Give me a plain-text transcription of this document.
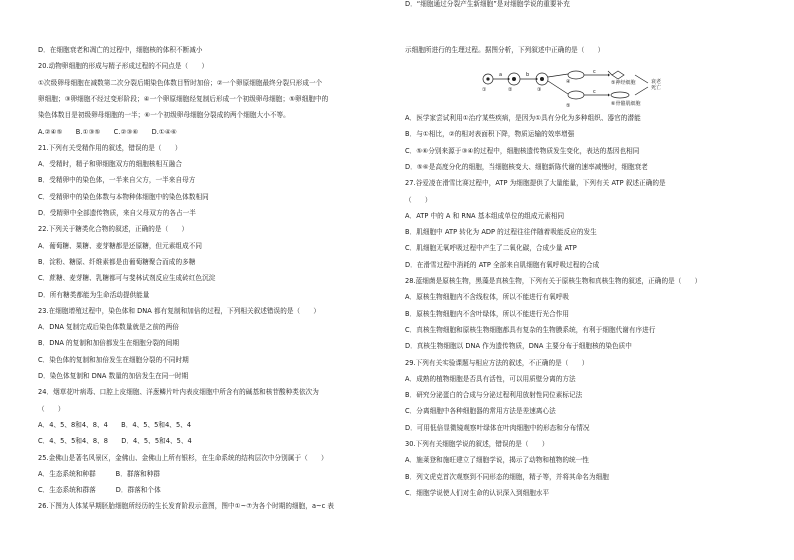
D．在细胞衰老和凋亡的过程中，细胞核的体积不断减小
20.动物卵细胞的形成与精子形成过程的不同点是（　　）
①次级卵母细胞在减数第二次分裂后期染色体数目暂时加倍；②一个卵原细胞最终分裂只形成一个
卵细胞；③卵细胞不经过变形阶段；④一个卵原细胞经复制后形成一个初级卵母细胞；⑤卵细胞中的
染色体数目是初级卵母细胞的一半；⑥一个初级卵母细胞分裂成的两个细胞大小不等。
A.②④⑤　　B.①③⑤　　C.②③⑥　　D.①④⑥
21.下列有关受精作用的叙述，错误的是（　　）
A．受精时，精子和卵细胞双方的细胞核相互融合
B．受精卵中的染色体，一半来自父方，一半来自母方
C．受精卵中的染色体数与本物种体细胞中的染色体数相同
D．受精卵中全部遗传物质，来自父母双方的各占一半
22.下列关于糖类化合物的叙述，正确的是（　　）
A．葡萄糖、果糖、麦芽糖都是还原糖，但元素组成不同
B．淀粉、糖原、纤维素都是由葡萄糖聚合而成的多糖
C．蔗糖、麦芽糖、乳糖都可与斐林试剂反应生成砖红色沉淀
D．所有糖类都能为生命活动提供能量
23.在细胞增殖过程中，染色体和 DNA 都有复制和加倍的过程，下列相关叙述错误的是（　　）
A．DNA 复制完成后染色体数量就是之前的两倍
B．DNA 的复制和加倍都发生在细胞分裂的间期
C．染色体的复制和加倍发生在细胞分裂的不同时期
D．染色体复制和 DNA 数量的加倍发生在同一时期
24．烟草花叶病毒、口腔上皮细胞、洋葱鳞片叶内表皮细胞中所含有的碱基和核苷酸种类依次为
（　　）
A．4、5、8和4、8、4　　B．4、5、5和4、5、4
C．4、5、5和4、8、8　　D．4、5、5和4、5、4
25.金佛山是著名风景区，金佛山、金佛山上所有银杉，在生命系统的结构层次中分别属于（　　）
A．生态系统和种群　　　B．群落和种群
C．生态系统和群落　　　D．群落和个体
26.下图为人体某早期胚胎细胞所经历的生长发育阶段示意图，图中①~⑦为各个时期的细胞，a~c 表
①	②	③
④
⑤
a	b	c
c
⑤神经细胞
⑥骨骼肌细胞
衰老死亡
示细胞所进行的生理过程。据图分析，下列叙述中正确的是（　　）
A．医学家尝试利用①治疗某些疾病，是因为①具有分化为多种组织、器官的潜能
B．与①相比，②的相对表面积下降，物质运输的效率增强
C．⑤⑥分别来源于③④的过程中，细胞核遗传物质发生变化，表达的基因也相同
D．⑤⑥是高度分化的细胞，当细胞核变大、细胞新陈代谢的速率减慢时，细胞衰老
27.谷爱凌在滑雪比赛过程中，ATP 为细胞提供了大量能量，下列有关 ATP 叙述正确的是
（　　）
A．ATP 中的 A 和 RNA 基本组成单位的组成元素相同
B．肌细胞中 ATP 转化为 ADP 的过程往往伴随着吸能反应的发生
C．肌细胞无氧呼吸过程中产生了二氧化碳，合成少量 ATP
D．在滑雪过程中消耗的 ATP 全部来自肌细胞有氧呼吸过程的合成
28.蓝细菌是原核生物，黑藻是真核生物，下列有关于原核生物和真核生物的叙述，正确的是（　　）
A．原核生物细胞内不含线粒体，所以不能进行有氧呼吸
B．原核生物细胞内不含叶绿体，所以不能进行光合作用
C．真核生物细胞和原核生物细胞都具有复杂的生物膜系统，有利于细胞代谢有序进行
D．真核生物细胞以 DNA 作为遗传物质，DNA 主要分布于细胞核的染色质中
29.下列有关实验课题与相应方法的叙述，不正确的是（　　）
A．成熟的植物细胞是否具有活性，可以用质壁分离的方法
B．研究分泌蛋白的合成与分泌过程利用放射性同位素标记法
C．分离细胞中各种细胞器的常用方法是差速离心法
D．可用低倍显微镜观察叶绿体在叶肉细胞中的形态和分布情况
30.下列有关细胞学说的叙述，错误的是（　　）
A．施莱登和施旺建立了细胞学说，揭示了动物和植物的统一性
B．列文虎克首次观察到不同形态的细胞，精子等，并将其命名为细胞
C．细胞学说使人们对生命的认识深入到细胞水平
D．“细胞通过分裂产生新细胞”是对细胞学说的重要补充
